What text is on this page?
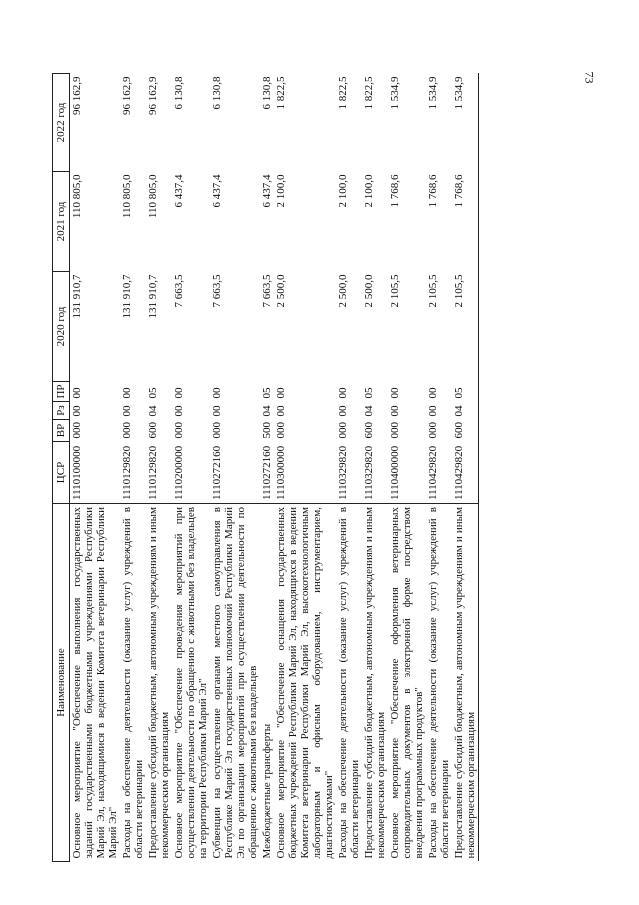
73
Наименование	ЦСР	ВР	Рз	ПР	2020 год	2021 год	2022 год
Основное мероприятие "Обеспечение выполнения государственных заданий государственными бюджетными учреждениями Республики Марий Эл, находящимися в ведении Комитета ветеринарии Республики Марий Эл"	1110100000	000	00	00	131 910,7	110 805,0	96 162,9
Расходы на обеспечение деятельности (оказание услуг) учреждений в области ветеринарии	1110129820	000	00	00	131 910,7	110 805,0	96 162,9
Предоставление субсидий бюджетным, автономным учреждениям и иным некоммерческим организациям	1110129820	600	04	05	131 910,7	110 805,0	96 162,9
Основное мероприятие "Обеспечение проведения мероприятий при осуществлении деятельности по обращению с животными без владельцев на территории Республики Марий Эл"	1110200000	000	00	00	7 663,5	6 437,4	6 130,8
Субвенции на осуществление органами местного самоуправления в Республике Марий Эл государственных полномочий Республики Марий Эл по организации мероприятий при осуществлении деятельности по обращению с животными без владельцев	1110272160	000	00	00	7 663,5	6 437,4	6 130,8
Межбюджетные трансферты	1110272160	500	04	05	7 663,5	6 437,4	6 130,8
Основное мероприятие "Обеспечение оснащения государственных бюджетных учреждений Республики Марий Эл, находящихся в ведении Комитета ветеринарии Республики Марий Эл, высокотехнологичным лабораторным и офисным оборудованием, инструментарием, диагностикумами"	1110300000	000	00	00	2 500,0	2 100,0	1 822,5
Расходы на обеспечение деятельности (оказание услуг) учреждений в области ветеринарии	1110329820	000	00	00	2 500,0	2 100,0	1 822,5
Предоставление субсидий бюджетным, автономным учреждениям и иным некоммерческим организациям	1110329820	600	04	05	2 500,0	2 100,0	1 822,5
Основное мероприятие "Обеспечение оформления ветеринарных сопроводительных документов в электронной форме посредством внедрения программных продуктов"	1110400000	000	00	00	2 105,5	1 768,6	1 534,9
Расходы на обеспечение деятельности (оказание услуг) учреждений в области ветеринарии	1110429820	000	00	00	2 105,5	1 768,6	1 534,9
Предоставление субсидий бюджетным, автономным учреждениям и иным некоммерческим организациям	1110429820	600	04	05	2 105,5	1 768,6	1 534,9
